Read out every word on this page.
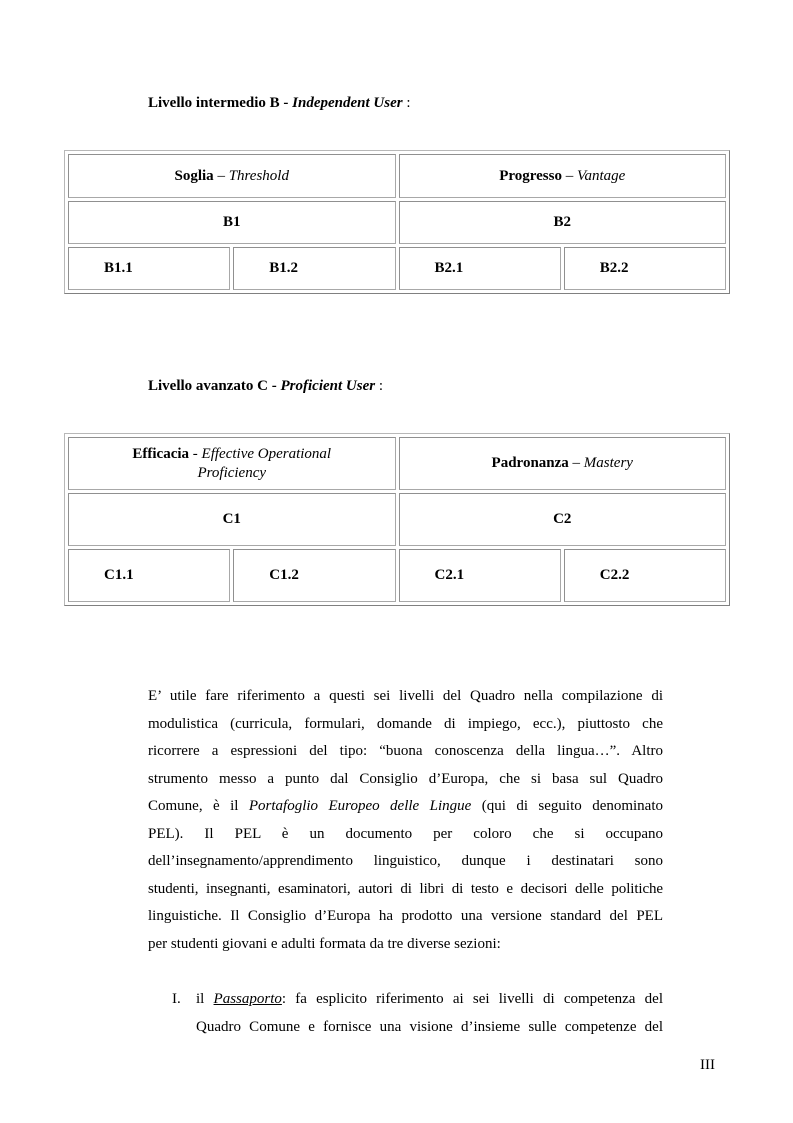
Livello intermedio B - Independent User :
Soglia – Threshold		Progresso – Vantage	
B1		B2	
B1.1	B1.2	B2.1	B2.2
Livello avanzato C - Proficient User :
Efficacia - Effective Operational
Proficiency		Padronanza – Mastery	
C1		C2	
C1.1	C1.2	C2.1	C2.2
E’ utile fare riferimento a questi sei livelli del Quadro nella compilazione di
modulistica (curricula, formulari, domande di impiego, ecc.), piuttosto che
ricorrere a espressioni del tipo: “buona conoscenza della lingua…”. Altro
strumento messo a punto dal Consiglio d’Europa, che si basa sul Quadro
Comune, è il Portafoglio Europeo delle Lingue (qui di seguito denominato
PEL). Il PEL è un documento per coloro che si occupano
dell’insegnamento/apprendimento linguistico, dunque i destinatari sono
studenti, insegnanti, esaminatori, autori di libri di testo e decisori delle politiche
linguistiche. Il Consiglio d’Europa ha prodotto una versione standard del PEL
per studenti giovani e adulti formata da tre diverse sezioni:
I. il Passaporto: fa esplicito riferimento ai sei livelli di competenza del
Quadro Comune e fornisce una visione d’insieme sulle competenze del
III
